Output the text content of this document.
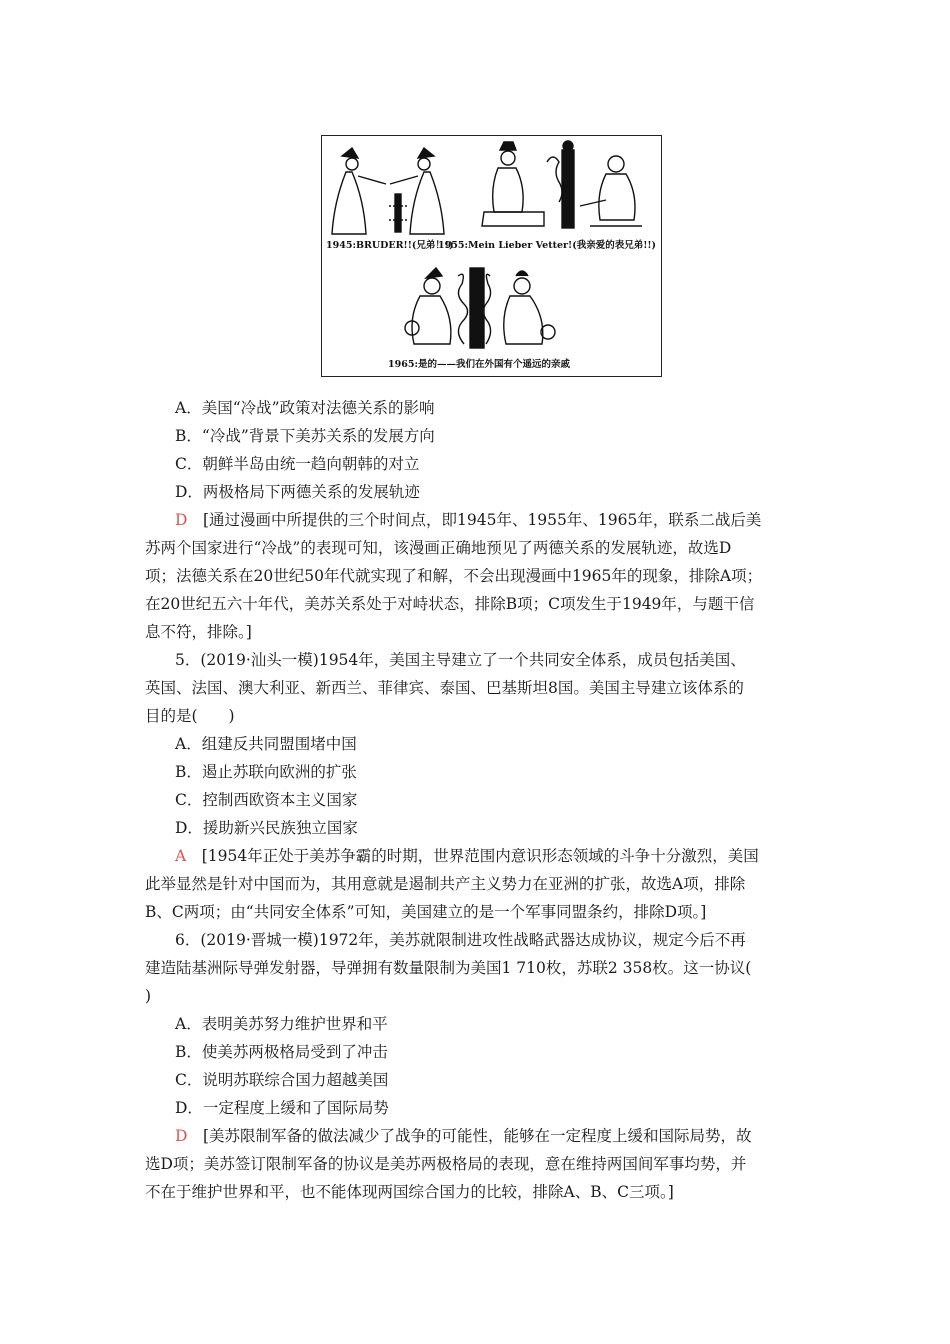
1945:BRUDER!!(兄弟！!)
1955:Mein Lieber Vetter!(我亲爱的表兄弟!!)
1965:是的——我们在外国有个遥远的亲戚
A．美国“冷战”政策对法德关系的影响
B．“冷战”背景下美苏关系的发展方向
C．朝鲜半岛由统一趋向朝韩的对立
D．两极格局下两德关系的发展轨迹
D　 [通过漫画中所提供的三个时间点，即1945年、1955年、1965年，联系二战后美
苏两个国家进行“冷战”的表现可知，该漫画正确地预见了两德关系的发展轨迹，故选D
项；法德关系在20世纪50年代就实现了和解，不会出现漫画中1965年的现象，排除A项；
在20世纪五六十年代，美苏关系处于对峙状态，排除B项；C项发生于1949年，与题干信
息不符，排除。]
5．(2019·汕头一模)1954年，美国主导建立了一个共同安全体系，成员包括美国、
英国、法国、澳大利亚、新西兰、菲律宾、泰国、巴基斯坦8国。美国主导建立该体系的
目的是(　　)
A．组建反共同盟围堵中国
B．遏止苏联向欧洲的扩张
C．控制西欧资本主义国家
D．援助新兴民族独立国家
A　 [1954年正处于美苏争霸的时期，世界范围内意识形态领域的斗争十分激烈，美国
此举显然是针对中国而为，其用意就是遏制共产主义势力在亚洲的扩张，故选A项，排除
B、C两项；由“共同安全体系”可知，美国建立的是一个军事同盟条约，排除D项。]
6．(2019·晋城一模)1972年，美苏就限制进攻性战略武器达成协议，规定今后不再
建造陆基洲际导弹发射器，导弹拥有数量限制为美国1 710枚，苏联2 358枚。这一协议(
)
A．表明美苏努力维护世界和平
B．使美苏两极格局受到了冲击
C．说明苏联综合国力超越美国
D．一定程度上缓和了国际局势
D　 [美苏限制军备的做法减少了战争的可能性，能够在一定程度上缓和国际局势，故
选D项；美苏签订限制军备的协议是美苏两极格局的表现，意在维持两国间军事均势，并
不在于维护世界和平，也不能体现两国综合国力的比较，排除A、B、C三项。]
